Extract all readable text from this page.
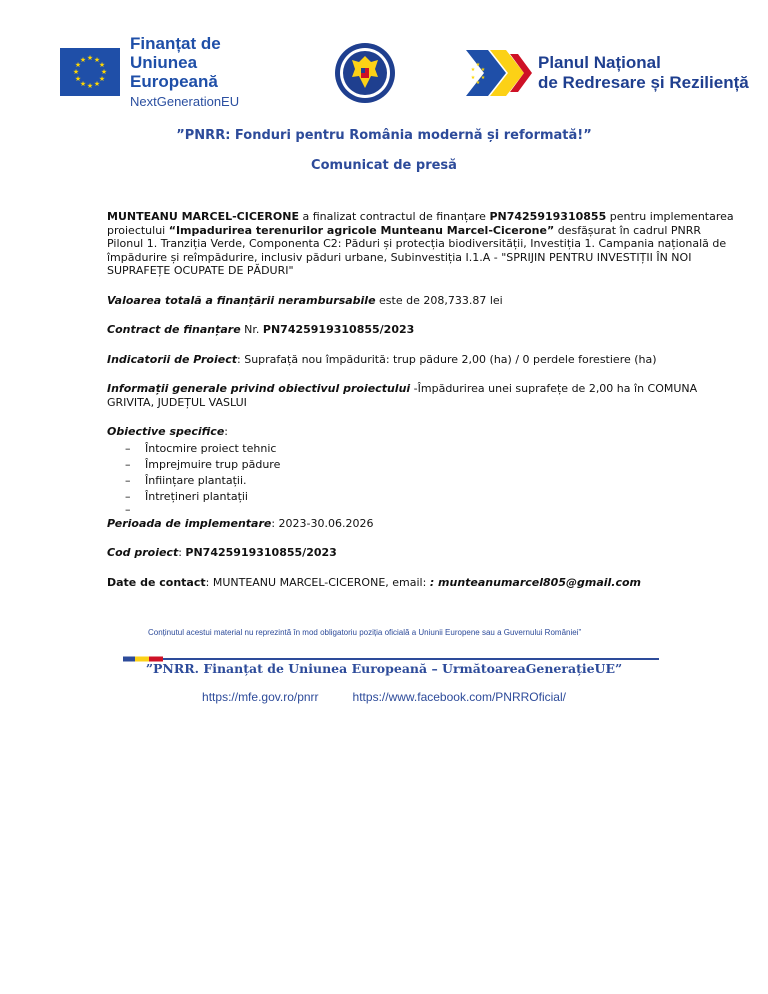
★ ★
★
★
★
★
★
★
★
★
★
★
Finanțat de
Uniunea Europeană
NextGenerationEU
★
★
★
★
★
★	Planul Național
de Redresare și Reziliență
”PNRR: Fonduri pentru România modernă și reformată!”
Comunicat de presă

MUNTEANU MARCEL-CICERONE a finalizat contractul de finanțare PN7425919310855 pentru implementarea proiectului “Impadurirea terenurilor agricole Munteanu Marcel-Cicerone” desfășurat în cadrul PNRR Pilonul 1. Tranziția Verde, Componenta C2: Păduri și protecția biodiversității, Investiția 1. Campania națională de împădurire și reîmpădurire, inclusiv păduri urbane, Subinvestiția I.1.A - "SPRIJIN PENTRU INVESTIȚII ÎN NOI SUPRAFEȚE OCUPATE DE PĂDURI"

Valoarea totală a finanțării nerambursabile este de 208,733.87 lei

Contract de finanțare Nr. PN7425919310855/2023

Indicatorii de Proiect: Suprafață nou împădurită: trup pădure 2,00 (ha) / 0 perdele forestiere (ha)

Informații generale privind obiectivul proiectului -Împădurirea unei suprafețe de 2,00 ha în COMUNA GRIVITA, JUDEȚUL VASLUI

Obiective specifice:
–	Întocmire proiect tehnic
–	Împrejmuire trup pădure
–	Înființare plantații.
–	Întrețineri plantații
–

Perioada de implementare: 2023-30.06.2026

Cod proiect: PN7425919310855/2023

Date de contact: MUNTEANU MARCEL-CICERONE, email: : munteanumarcel805@gmail.com

Conținutul acestui material nu reprezintă în mod obligatoriu poziția oficială a Uniunii Europene sau a Guvernului României”
”PNRR. Finanțat de Uniunea Europeană – UrmătoareaGenerațieUE”
https://mfe.gov.ro/pnrr	https://www.facebook.com/PNRROficial/
